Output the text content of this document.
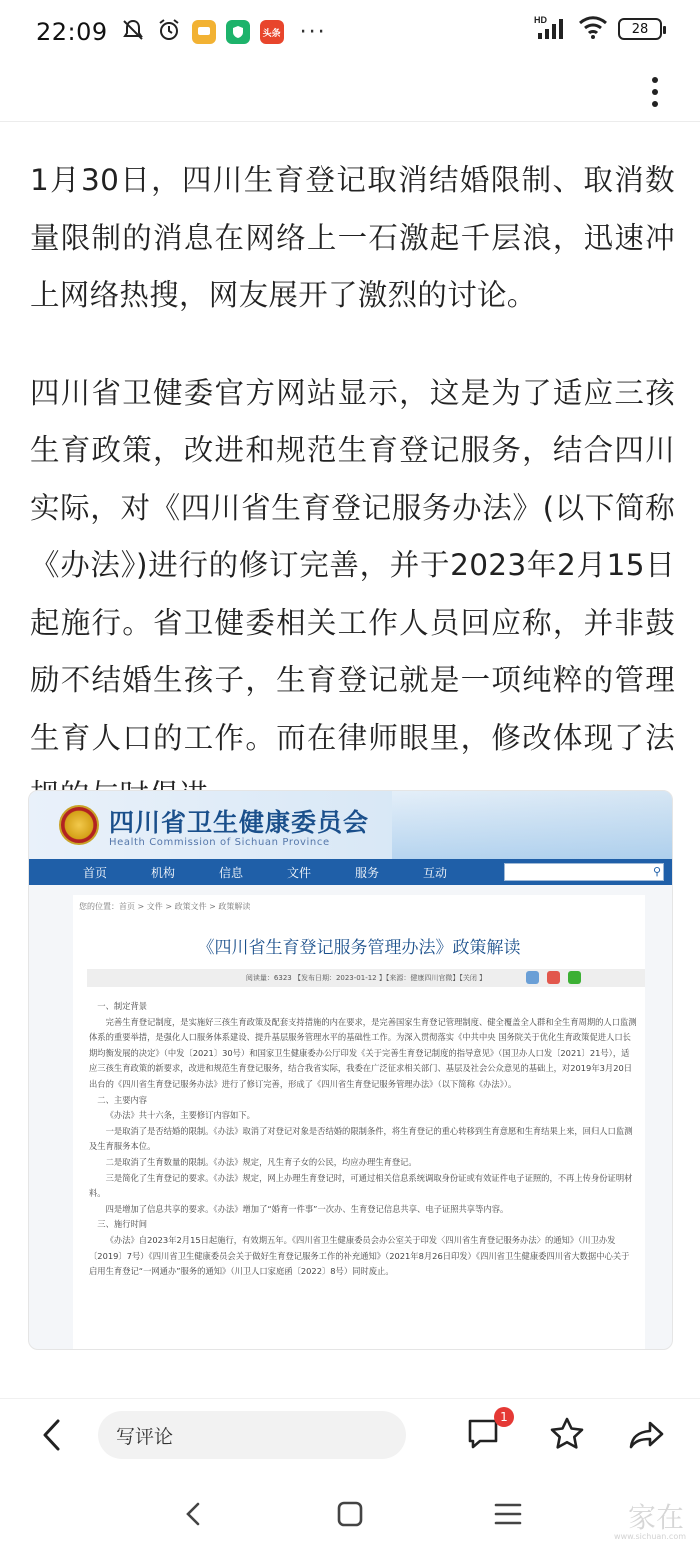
22:09	头条 ···	HD
28

1月30日，四川生育登记取消结婚限制、取消数量限制的消息在网络上一石激起千层浪，迅速冲上网络热搜，网友展开了激烈的讨论。

四川省卫健委官方网站显示，这是为了适应三孩生育政策，改进和规范生育登记服务，结合四川实际，对《四川省生育登记服务办法》(以下简称《办法》)进行的修订完善，并于2023年2月15日起施行。省卫健委相关工作人员回应称，并非鼓励不结婚生孩子，生育登记就是一项纯粹的管理生育人口的工作。而在律师眼里，修改体现了法

四川省卫生健康委员会
Health Commission of Sichuan Province
首页	机构	信息	文件	服务	互动	⚲
您的位置：首页 > 文件 > 政策文件 > 政策解读
《四川省生育登记服务管理办法》政策解读
阅读量：6323 【发布日期：2023-01-12 】【来源：健康四川官微】【关闭 】

一、制定背景

完善生育登记制度，是实施好三孩生育政策及配套支持措施的内在要求，是完善国家生育登记管理制度、健全覆盖全人群和全生育周期的人口监测体系的重要举措，是强化人口服务体系建设、提升基层服务管理水平的基础性工作。为深入贯彻落实《中共中央 国务院关于优化生育政策促进人口长期均衡发展的决定》（中发〔2021〕30号）和国家卫生健康委办公厅印发《关于完善生育登记制度的指导意见》（国卫办人口发〔2021〕21号），适应三孩生育政策的新要求，改进和规范生育登记服务，结合我省实际，我委在广泛征求相关部门、基层及社会公众意见的基础上，对2019年3月20日出台的《四川省生育登记服务办法》进行了修订完善，形成了《四川省生育登记服务管理办法》（以下简称《办法》）。

二、主要内容

《办法》共十六条，主要修订内容如下。

一是取消了是否结婚的限制。《办法》取消了对登记对象是否结婚的限制条件，将生育登记的重心转移到生育意愿和生育结果上来，回归人口监测及生育服务本位。

二是取消了生育数量的限制。《办法》规定，凡生育子女的公民，均应办理生育登记。

三是简化了生育登记的要求。《办法》规定，网上办理生育登记时，可通过相关信息系统调取身份证或有效证件电子证照的，不再上传身份证明材料。

四是增加了信息共享的要求。《办法》增加了“婚育一件事”一次办、生育登记信息共享、电子证照共享等内容。

三、施行时间

《办法》自2023年2月15日起施行，有效期五年。《四川省卫生健康委员会办公室关于印发〈四川省生育登记服务办法〉的通知》（川卫办发〔2019〕7号）《四川省卫生健康委员会关于做好生育登记服务工作的补充通知》（2021年8月26日印发）《四川省卫生健康委四川省大数据中心关于启用生育登记“一网通办”服务的通知》（川卫人口家庭函〔2022〕8号）同时废止。

写评论
1
家在
www.sichuan.com
